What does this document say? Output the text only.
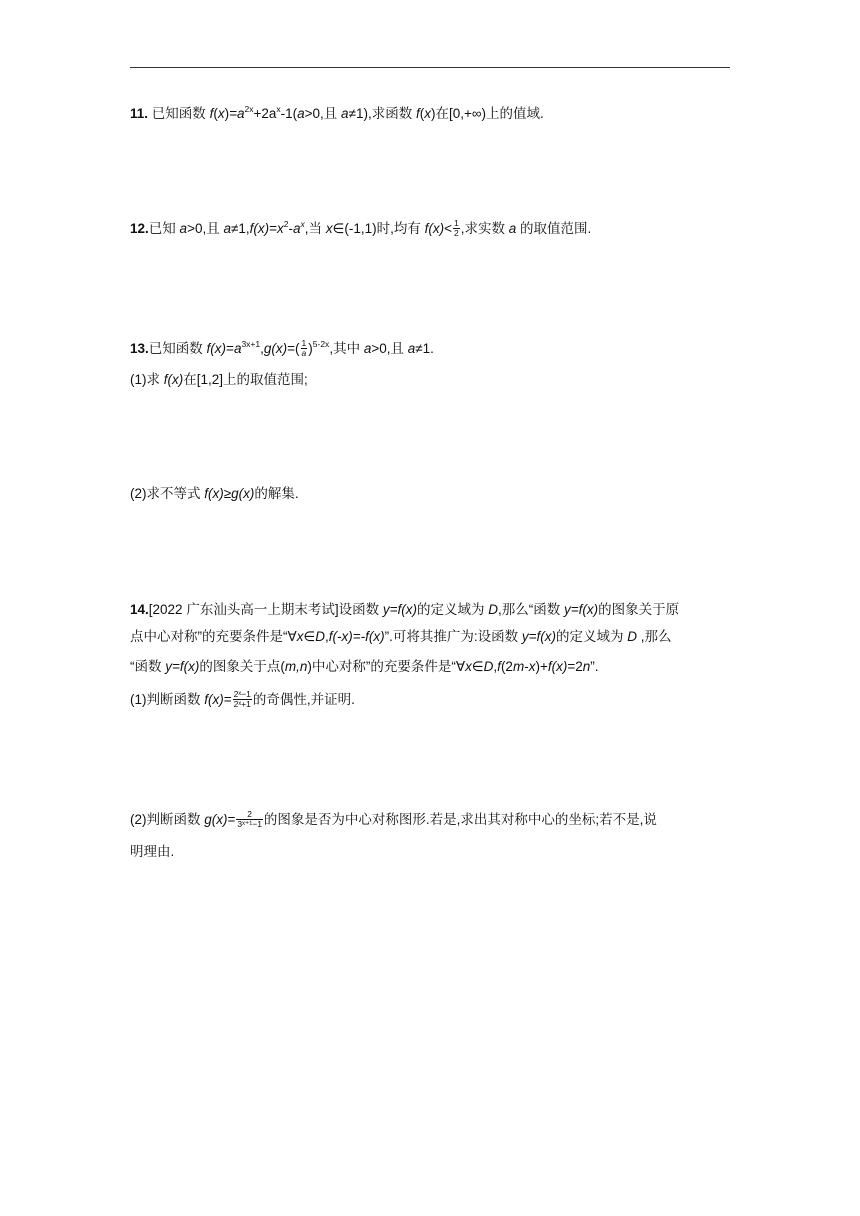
11. 已知函数 $f(x)=a^{2x}+2a^x-1(a>0$,且 a≠1),求函数 f(x)在[0,+∞)上的值域.
12.已知 a>0,且 $a\ne 1,f(x)=x^2-a^x$,当 x∈(-1,1)时,均有 $f(x)< \frac{1}{2}$ ,求实数 a 的取值范围.
13.已知函数 $f(x)=a^{3x+1},g(x)=( \frac{1}{a} )^{5-2x}$,其中 a>0,且 a≠1.
(1)求 f(x)在[1,2]上的取值范围;
(2)求不等式 f(x)≥g(x)的解集.
14.[2022 广东汕头高一上期末考试]设函数 y=f(x)的定义域为 D,那么“函数 y=f(x)的图象关于原
点中心对称”的充要条件是“∀x∈D,f(-x)=-f(x)”.可将其推广为:设函数 y=f(x)的定义域为 D ,那么
“函数 y=f(x)的图象关于点(m,n)中心对称”的充要条件是“∀x∈D,f(2m-x)+f(x)=2n”.
(1)判断函数 $f(x)= \frac{\text{2ˣ−1}}{\text{2ˣ+1}}$ 的奇偶性,并证明.
(2)判断函数 $g(x)= \frac{2}{\text{3ˣ⁺¹−1}}$ 的图象是否为中心对称图形.若是,求出其对称中心的坐标;若不是,说
明理由.
